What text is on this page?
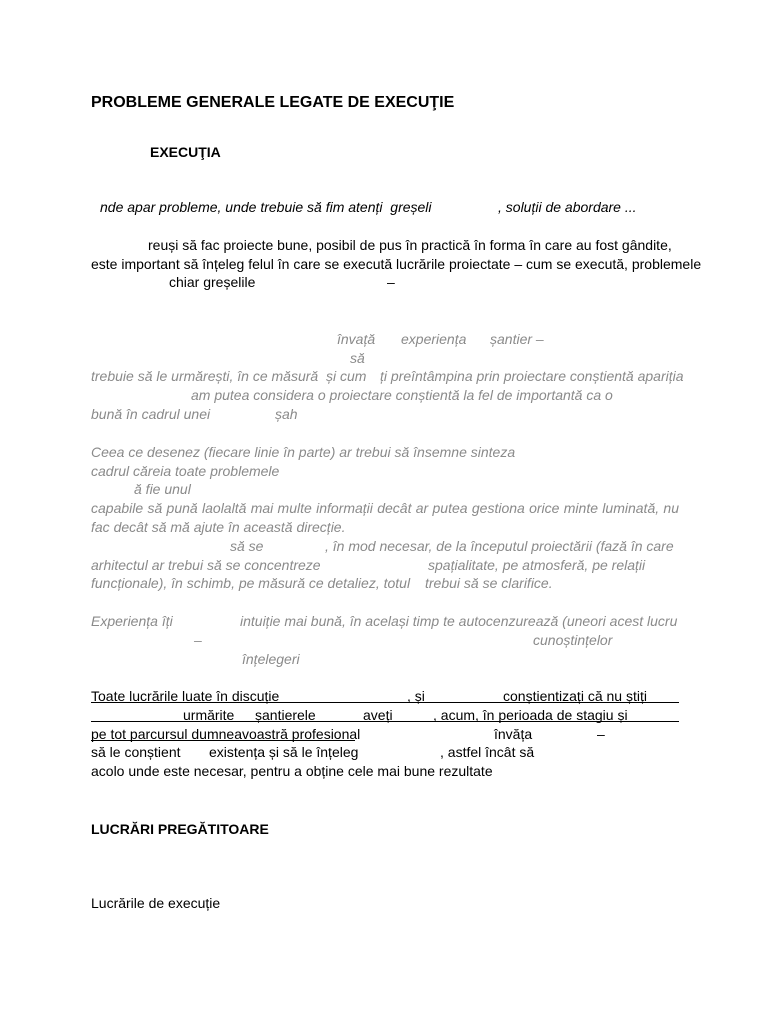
PROBLEME GENERALE LEGATE DE EXECUŢIE
EXECUŢIA
nde apar probleme, unde trebuie să fim atenți  greșeli	, soluții de abordare ...
reuși să fac proiecte bune, posibil de pus în practică în forma în care au fost gândite,
este important să înțeleg felul în care se execută lucrările proiectate – cum se execută, problemele
chiar greșelile	–
învață experiența șantier –
să
trebuie să le urmărești, în ce măsură  și cum ți preîntâmpina prin proiectare conștientă apariția
am putea considera o proiectare conștientă la fel de importantă ca o
bună în cadrul unei	șah
Ceea ce desenez (fiecare linie în parte) ar trebui să însemne sinteza
cadrul căreia toate problemele
ă fie unul
capabile să pună laolaltă mai multe informații decât ar putea gestiona orice minte luminată, nu
fac decât să mă ajute în această direcție.
să se	, în mod necesar, de la începutul proiectării (fază în care
arhitectul ar trebui să se concentreze	spațialitate, pe atmosferă, pe relații
funcționale), în schimb, pe măsură ce detaliez, totul trebui să se clarifice.
Experiența îți	intuiție mai bună, în același timp te autocenzurează (uneori acest lucru
–	cunoștințelor
înțelegeri
Toate lucrările luate în discuție	, și	conștientizați că nu știți
urmărite șantierele	aveți	, acum, în perioada de stagiu și
pe tot parcursul dumneavoastră profesional	învăța	–
să le conștient existența și să le înțeleg	, astfel încât să
acolo unde este necesar, pentru a obține cele mai bune rezultate
LUCRĂRI PREGĂTITOARE
Lucrările de execuție
